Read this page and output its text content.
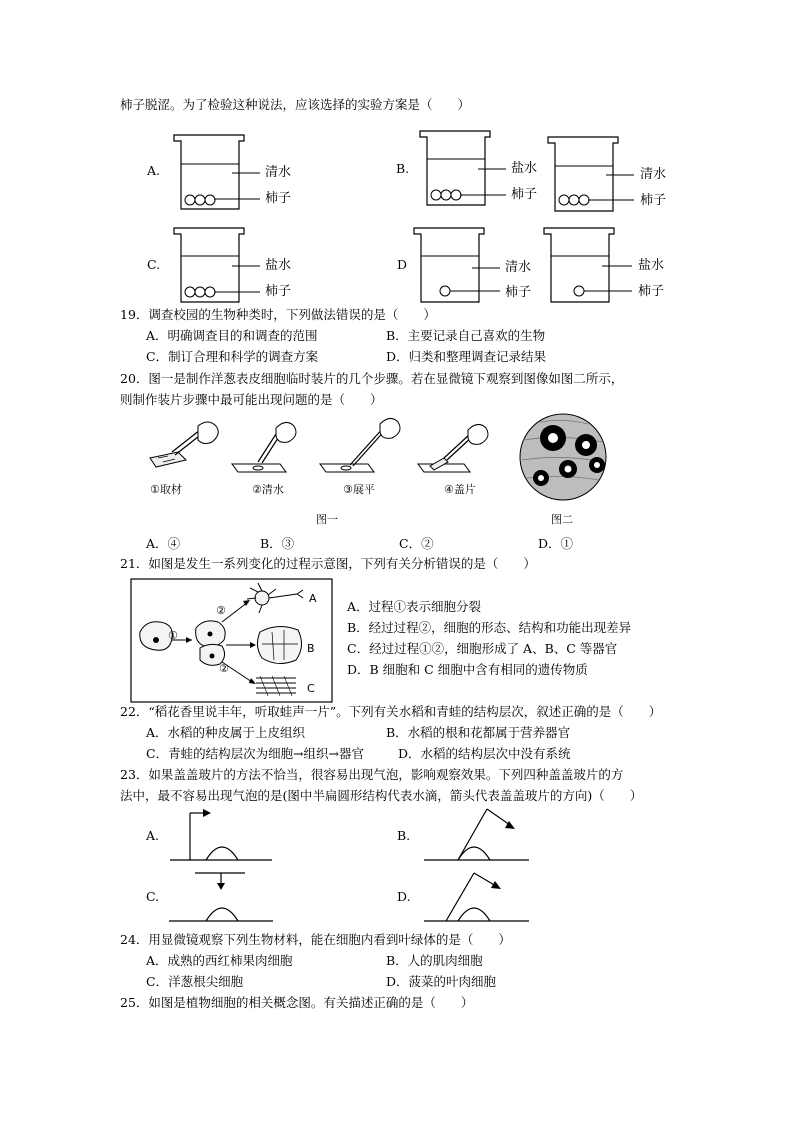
柿子脱涩。为了检验这种说法，应该选择的实验方案是（　　）
A.	清水
柿子
B.	盐水
柿子
清水
柿子
C.	盐水
柿子
D	清水
柿子
盐水
柿子
19．调查校园的生物种类时，下列做法错误的是（　　）
A．明确调查目的和调查的范围	B．主要记录自己喜欢的生物
C．制订合理和科学的调查方案	D．归类和整理调查记录结果
20．图一是制作洋葱表皮细胞临时装片的几个步骤。若在显微镜下观察到图像如图二所示，
则制作装片步骤中最可能出现问题的是（　　）
①取材	②清水	③展平	④盖片
图一	图二
A．④	B．③	C．②	D．①
21．如图是发生一系列变化的过程示意图，下列有关分析错误的是（　　）
①
②
②
A
B
C
A．过程①表示细胞分裂
B．经过过程②，细胞的形态、结构和功能出现差异
C．经过过程①②，细胞形成了 A、B、C 等器官
D．B 细胞和 C 细胞中含有相同的遗传物质
22．“稻花香里说丰年，听取蛙声一片”。下列有关水稻和青蛙的结构层次，叙述正确的是（　　）
A．水稻的种皮属于上皮组织	B．水稻的根和花都属于营养器官
C．青蛙的结构层次为细胞→组织→器官	D．水稻的结构层次中没有系统
23．如果盖盖玻片的方法不恰当，很容易出现气泡，影响观察效果。下列四种盖盖玻片的方
法中，最不容易出现气泡的是(图中半扁圆形结构代表水滴，箭头代表盖盖玻片的方向)（　　）
A.	B.
C.	D.
24．用显微镜观察下列生物材料，能在细胞内看到叶绿体的是（　　）
A．成熟的西红柿果肉细胞	B．人的肌肉细胞
C．洋葱根尖细胞	D．菠菜的叶肉细胞
25．如图是植物细胞的相关概念图。有关描述正确的是（　　）
